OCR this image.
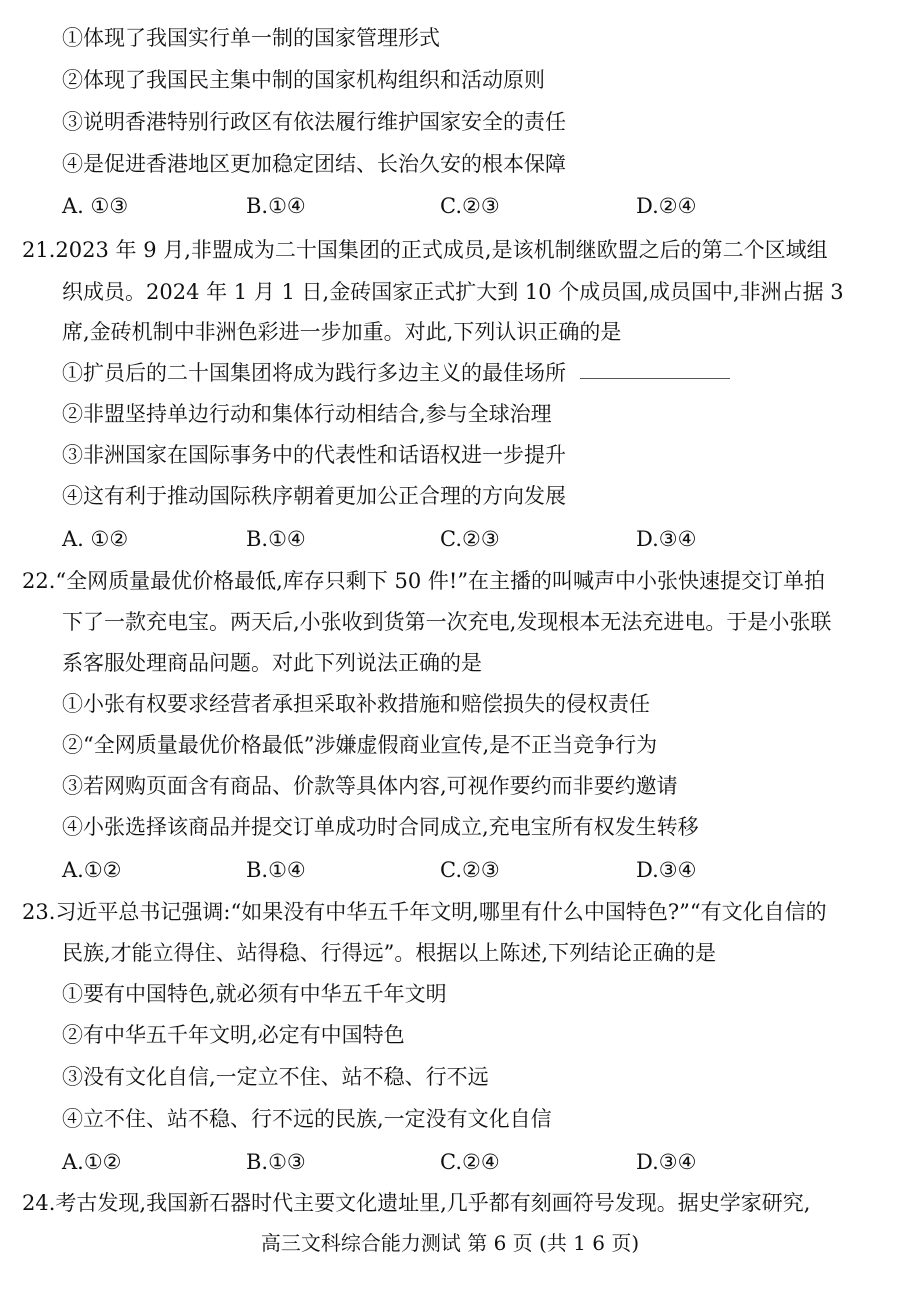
①体现了我国实行单一制的国家管理形式
②体现了我国民主集中制的国家机构组织和活动原则
③说明香港特别行政区有依法履行维护国家安全的责任
④是促进香港地区更加稳定团结、长治久安的根本保障
A. ①③	B.①④	C.②③	D.②④
21.2023 年 9 月,非盟成为二十国集团的正式成员,是该机制继欧盟之后的第二个区域组
织成员。2024 年 1 月 1 日,金砖国家正式扩大到 10 个成员国,成员国中,非洲占据 3
席,金砖机制中非洲色彩进一步加重。对此,下列认识正确的是
①扩员后的二十国集团将成为践行多边主义的最佳场所
②非盟坚持单边行动和集体行动相结合,参与全球治理
③非洲国家在国际事务中的代表性和话语权进一步提升
④这有利于推动国际秩序朝着更加公正合理的方向发展
A. ①②	B.①④	C.②③	D.③④
22.“全网质量最优价格最低,库存只剩下 50 件!”在主播的叫喊声中小张快速提交订单拍
下了一款充电宝。两天后,小张收到货第一次充电,发现根本无法充进电。于是小张联
系客服处理商品问题。对此下列说法正确的是
①小张有权要求经营者承担采取补救措施和赔偿损失的侵权责任
②“全网质量最优价格最低”涉嫌虚假商业宣传,是不正当竞争行为
③若网购页面含有商品、价款等具体内容,可视作要约而非要约邀请
④小张选择该商品并提交订单成功时合同成立,充电宝所有权发生转移
A.①②	B.①④	C.②③	D.③④
23.习近平总书记强调:“如果没有中华五千年文明,哪里有什么中国特色?”“有文化自信的
民族,才能立得住、站得稳、行得远”。根据以上陈述,下列结论正确的是
①要有中国特色,就必须有中华五千年文明
②有中华五千年文明,必定有中国特色
③没有文化自信,一定立不住、站不稳、行不远
④立不住、站不稳、行不远的民族,一定没有文化自信
A.①②	B.①③	C.②④	D.③④
24.考古发现,我国新石器时代主要文化遗址里,几乎都有刻画符号发现。据史学家研究,
高三文科综合能力测试 第 6 页 (共 1 6 页)
